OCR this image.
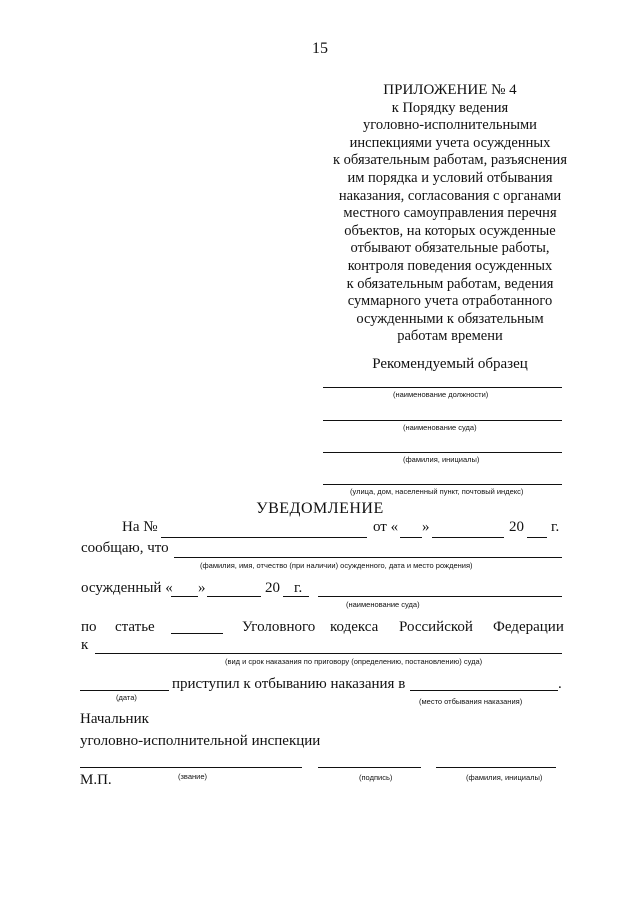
15
ПРИЛОЖЕНИЕ № 4
к Порядку ведения
уголовно-исполнительными
инспекциями учета осужденных
к обязательным работам, разъяснения
им порядка и условий отбывания
наказания, согласования с органами
местного самоуправления перечня
объектов, на которых осужденные
отбывают обязательные работы,
контроля поведения осужденных
к обязательным работам, ведения
суммарного учета отработанного
осужденными к обязательным
работам времени
Рекомендуемый образец
(наименование должности)
(наименование суда)
(фамилия, инициалы)
(улица, дом, населенный пункт, почтовый индекс)
УВЕДОМЛЕНИЕ
На №	от « »	20 г.
сообщаю, что
(фамилия, имя, отчество (при наличии) осужденного, дата и место рождения)
осужденный « »	20 г.
(наименование суда)
по статье	Уголовного кодекса Российской Федерации
к
(вид и срок наказания по приговору (определению, постановлению) суда)
приступил к отбыванию наказания в	.
(дата)	(место отбывания наказания)
Начальник
уголовно-исполнительной инспекции
М.П.	(звание)	(подпись)	(фамилия, инициалы)
